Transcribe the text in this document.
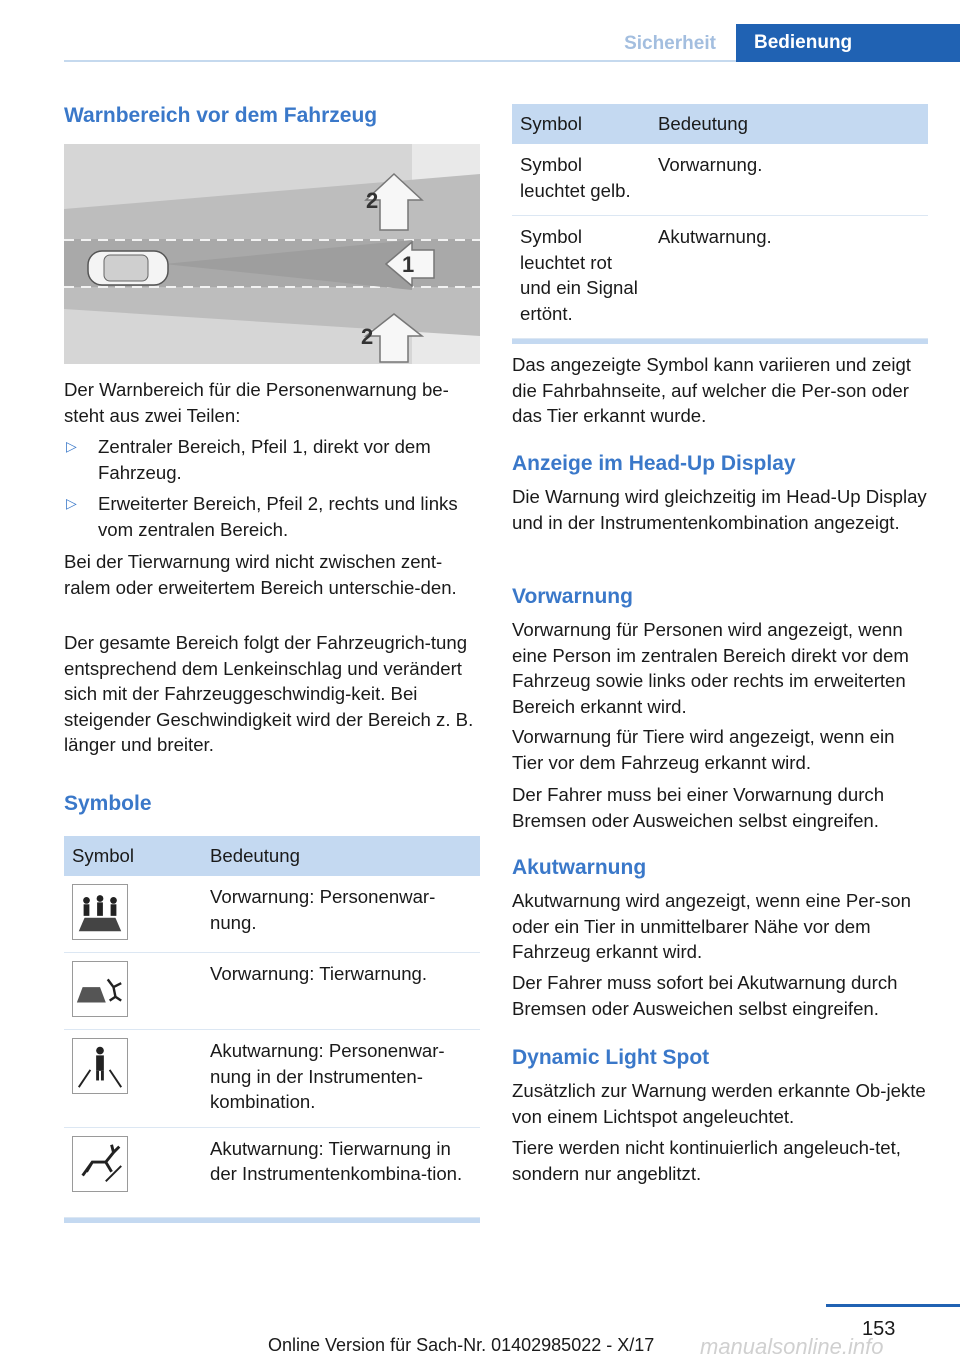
Sicherheit	Bedienung
Warnbereich vor dem Fahrzeug
2
1
2

Der Warnbereich für die Personenwarnung be-steht aus zwei Teilen:

▷ Zentraler Bereich, Pfeil 1, direkt vor dem Fahrzeug.
▷ Erweiterter Bereich, Pfeil 2, rechts und links vom zentralen Bereich.

Bei der Tierwarnung wird nicht zwischen zent-ralem oder erweitertem Bereich unterschie-den.

Der gesamte Bereich folgt der Fahrzeugrich-tung entsprechend dem Lenkeinschlag und verändert sich mit der Fahrzeuggeschwindig-keit. Bei steigender Geschwindigkeit wird der Bereich z. B. länger und breiter.

Symbole
Symbol	Bedeutung

	Vorwarnung: Personenwar-nung.

	Vorwarnung: Tierwarnung.

	Akutwarnung: Personenwar-nung in der Instrumenten-kombination.

	Akutwarnung: Tierwarnung in der Instrumentenkombina-tion.
Symbol	Bedeutung
Symbol leuchtet gelb.	Vorwarnung.
Symbol leuchtet rot und ein Signal ertönt.	Akutwarnung.

Das angezeigte Symbol kann variieren und zeigt die Fahrbahnseite, auf welcher die Per-son oder das Tier erkannt wurde.

Anzeige im Head-Up Display

Die Warnung wird gleichzeitig im Head-Up Display und in der Instrumentenkombination angezeigt.

Vorwarnung

Vorwarnung für Personen wird angezeigt, wenn eine Person im zentralen Bereich direkt vor dem Fahrzeug sowie links oder rechts im erweiterten Bereich erkannt wird.

Vorwarnung für Tiere wird angezeigt, wenn ein Tier vor dem Fahrzeug erkannt wird.

Der Fahrer muss bei einer Vorwarnung durch Bremsen oder Ausweichen selbst eingreifen.

Akutwarnung

Akutwarnung wird angezeigt, wenn eine Per-son oder ein Tier in unmittelbarer Nähe vor dem Fahrzeug erkannt wird.

Der Fahrer muss sofort bei Akutwarnung durch Bremsen oder Ausweichen selbst eingreifen.

Dynamic Light Spot

Zusätzlich zur Warnung werden erkannte Ob-jekte von einem Lichtspot angeleuchtet.

Tiere werden nicht kontinuierlich angeleuch-tet, sondern nur angeblitzt.

153
Online Version für Sach-Nr. 01402985022 - X/17 manualsonline.info
